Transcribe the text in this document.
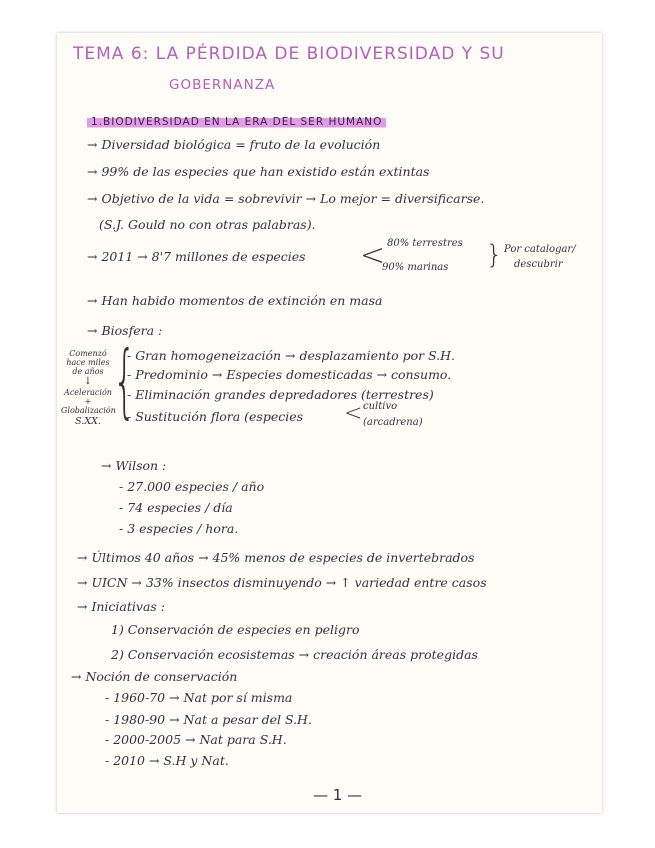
TEMA 6: LA PÉRDIDA DE BIODIVERSIDAD Y SU
GOBERNANZA
1.BIODIVERSIDAD EN LA ERA DEL SER HUMANO
→ Diversidad biológica = fruto de la evolución
→ 99% de las especies que han existido están extintas
→ Objetivo de la vida = sobrevivir → Lo mejor = diversificarse.
(S.J. Gould no con otras palabras).
→ 2011 → 8'7 millones de especies < 80% terrestres
90% marinas } Por catalogar/
descubrir
→ Han habido momentos de extinción en masa
→ Biosfera :
Comenzó
hace miles
de años
↓
Aceleración
+
Globalización
S.XX. {
- Gran homogeneización → desplazamiento por S.H.
- Predominio → Especies domesticadas → consumo.
- Eliminación grandes depredadores (terrestres)
- Sustitución flora (especies < cultivo
(arcadrena)
→ Wilson :
- 27.000 especies / año
- 74 especies / día
- 3 especies / hora.
→ Últimos 40 años → 45% menos de especies de invertebrados
→ UICN → 33% insectos disminuyendo → ↑ variedad entre casos
→ Iniciativas :
1) Conservación de especies en peligro
2) Conservación ecosistemas → creación áreas protegidas
→ Noción de conservación
- 1960-70 → Nat por sí misma
- 1980-90 → Nat a pesar del S.H.
- 2000-2005 → Nat para S.H.
- 2010 → S.H y Nat.
— 1 —
